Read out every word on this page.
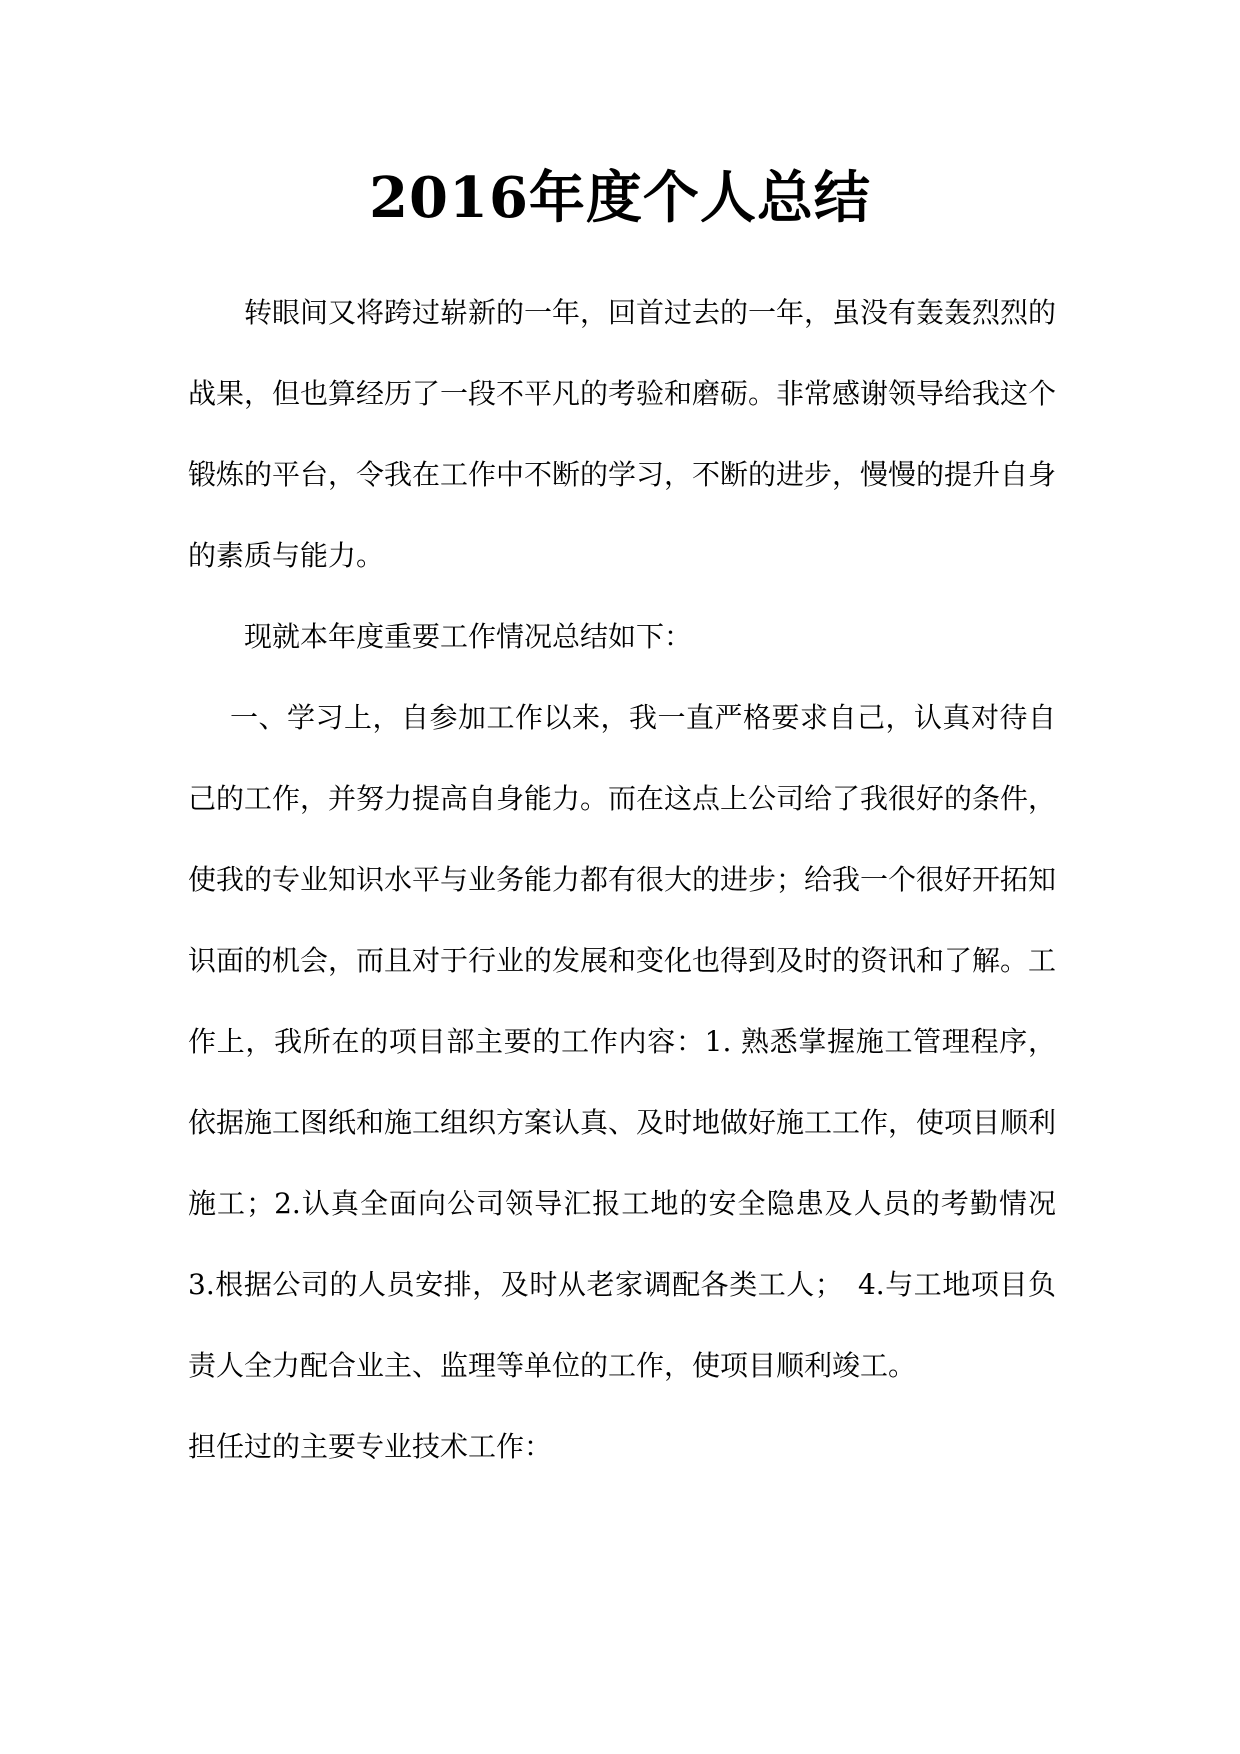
2016年度个人总结

转眼间又将跨过崭新的一年，回首过去的一年，虽没有轰轰烈烈的战果，但也算经历了一段不平凡的考验和磨砺。非常感谢领导给我这个锻炼的平台，令我在工作中不断的学习，不断的进步，慢慢的提升自身的素质与能力。

现就本年度重要工作情况总结如下：

一、学习上，自参加工作以来，我一直严格要求自己，认真对待自己的工作，并努力提高自身能力。而在这点上公司给了我很好的条件，使我的专业知识水平与业务能力都有很大的进步；给我一个很好开拓知识面的机会，而且对于行业的发展和变化也得到及时的资讯和了解。工作上，我所在的项目部主要的工作内容：1. 熟悉掌握施工管理程序，依据施工图纸和施工组织方案认真、及时地做好施工工作，使项目顺利施工；2.认真全面向公司领导汇报工地的安全隐患及人员的考勤情况 3.根据公司的人员安排，及时从老家调配各类工人；　4.与工地项目负责人全力配合业主、监理等单位的工作，使项目顺利竣工。

担任过的主要专业技术工作：
